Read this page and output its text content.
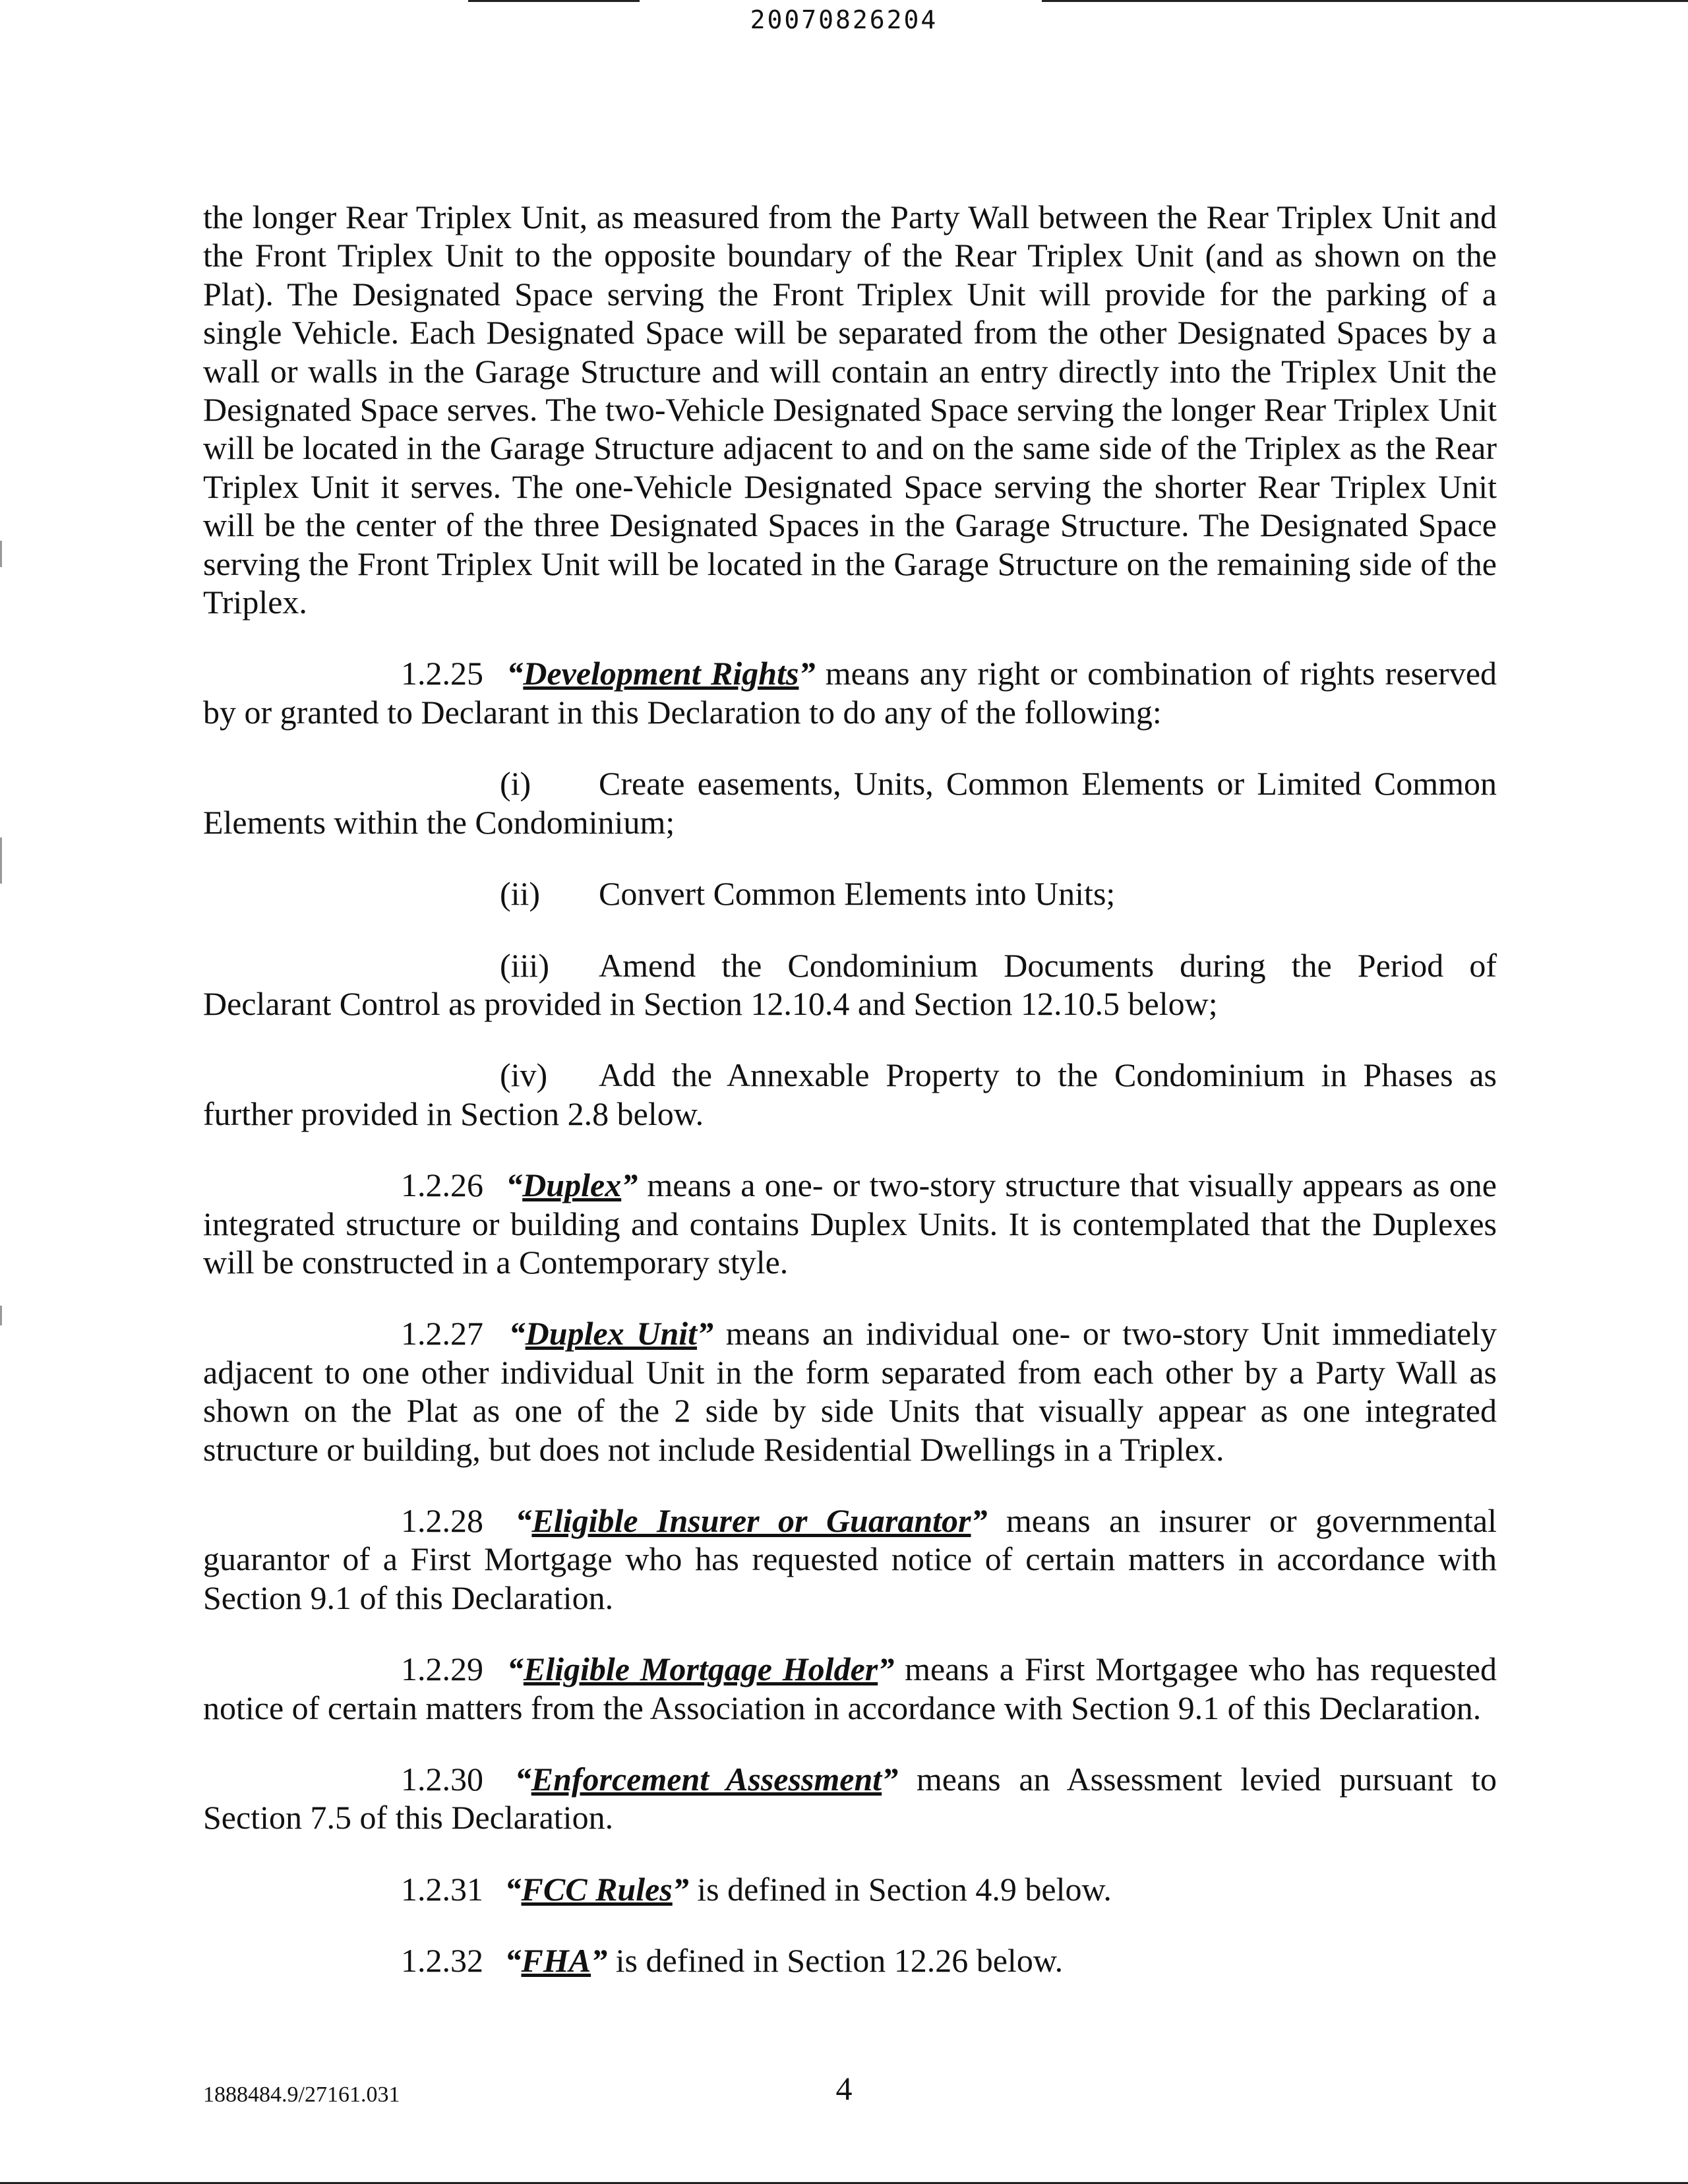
20070826204

the longer Rear Triplex Unit, as measured from the Party Wall between the Rear Triplex Unit and the Front Triplex Unit to the opposite boundary of the Rear Triplex Unit (and as shown on the Plat). The Designated Space serving the Front Triplex Unit will provide for the parking of a single Vehicle. Each Designated Space will be separated from the other Designated Spaces by a wall or walls in the Garage Structure and will contain an entry directly into the Triplex Unit the Designated Space serves. The two-Vehicle Designated Space serving the longer Rear Triplex Unit will be located in the Garage Structure adjacent to and on the same side of the Triplex as the Rear Triplex Unit it serves. The one-Vehicle Designated Space serving the shorter Rear Triplex Unit will be the center of the three Designated Spaces in the Garage Structure. The Designated Space serving the Front Triplex Unit will be located in the Garage Structure on the remaining side of the Triplex.

1.2.25 “Development Rights” means any right or combination of rights reserved by or granted to Declarant in this Declaration to do any of the following:

(i) Create easements, Units, Common Elements or Limited Common Elements within the Condominium;

(ii) Convert Common Elements into Units;

(iii) Amend the Condominium Documents during the Period of Declarant Control as provided in Section 12.10.4 and Section 12.10.5 below;

(iv) Add the Annexable Property to the Condominium in Phases as further provided in Section 2.8 below.

1.2.26 “Duplex” means a one- or two-story structure that visually appears as one integrated structure or building and contains Duplex Units. It is contemplated that the Duplexes will be constructed in a Contemporary style.

1.2.27 “Duplex Unit” means an individual one- or two-story Unit immediately adjacent to one other individual Unit in the form separated from each other by a Party Wall as shown on the Plat as one of the 2 side by side Units that visually appear as one integrated structure or building, but does not include Residential Dwellings in a Triplex.

1.2.28 “Eligible Insurer or Guarantor” means an insurer or governmental guarantor of a First Mortgage who has requested notice of certain matters in accordance with Section 9.1 of this Declaration.

1.2.29 “Eligible Mortgage Holder” means a First Mortgagee who has requested notice of certain matters from the Association in accordance with Section 9.1 of this Declaration.

1.2.30 “Enforcement Assessment” means an Assessment levied pursuant to Section 7.5 of this Declaration.

1.2.31 “FCC Rules” is defined in Section 4.9 below.

1.2.32 “FHA” is defined in Section 12.26 below.

1888484.9/27161.031	4
